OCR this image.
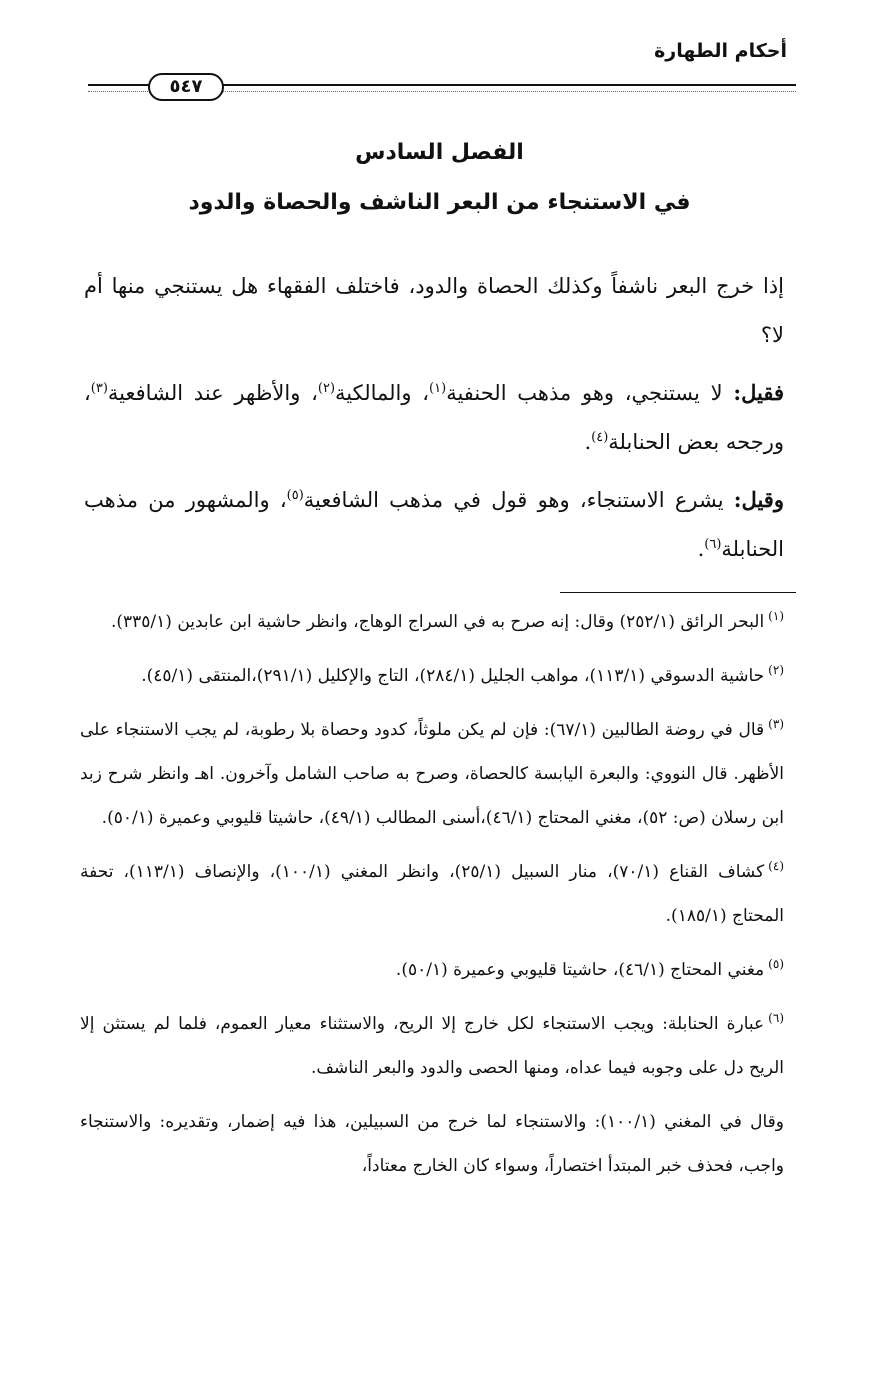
أحكام الطهارة
٥٤٧
الفصل السادس
في الاستنجاء من البعر الناشف والحصاة والدود

إذا خرج البعر ناشفاً وكذلك الحصاة والدود، فاختلف الفقهاء هل يستنجي منها أم لا؟

فقيل: لا يستنجي، وهو مذهب الحنفية$^{(١)}$، والمالكية$^{(٢)}$، والأظهر عند الشافعية$^{(٣)}$، ورجحه بعض الحنابلة$^{(٤)}$.

وقيل: يشرع الاستنجاء، وهو قول في مذهب الشافعية$^{(٥)}$، والمشهور من مذهب الحنابلة$^{(٦)}$.

$^{(١)}$البحر الرائق (٢٥٢/١) وقال: إنه صرح به في السراج الوهاج، وانظر حاشية ابن عابدين (٣٣٥/١).

$^{(٢)}$حاشية الدسوقي (١١٣/١)، مواهب الجليل (٢٨٤/١)، التاج والإكليل (٢٩١/١)،المنتقى (٤٥/١).

$^{(٣)}$قال في روضة الطالبين (٦٧/١): فإن لم يكن ملوثاً، كدود وحصاة بلا رطوبة، لم يجب الاستنجاء على الأظهر. قال النووي: والبعرة اليابسة كالحصاة، وصرح به صاحب الشامل وآخرون. اهـ وانظر شرح زبد ابن رسلان (ص: ٥٢)، مغني المحتاج (٤٦/١)،أسنى المطالب (٤٩/١)، حاشيتا قليوبي وعميرة (٥٠/١).

$^{(٤)}$كشاف القناع (٧٠/١)، منار السبيل (٢٥/١)، وانظر المغني (١٠٠/١)، والإنصاف (١١٣/١)، تحفة المحتاج (١٨٥/١).

$^{(٥)}$مغني المحتاج (٤٦/١)، حاشيتا قليوبي وعميرة (٥٠/١).

$^{(٦)}$عبارة الحنابلة: ويجب الاستنجاء لكل خارج إلا الريح، والاستثناء معيار العموم، فلما لم يستثن إلا الريح دل على وجوبه فيما عداه، ومنها الحصى والدود والبعر الناشف.

وقال في المغني (١٠٠/١): والاستنجاء لما خرج من السبيلين، هذا فيه إضمار، وتقديره: والاستنجاء واجب، فحذف خبر المبتدأ اختصاراً، وسواء كان الخارج معتاداً،
